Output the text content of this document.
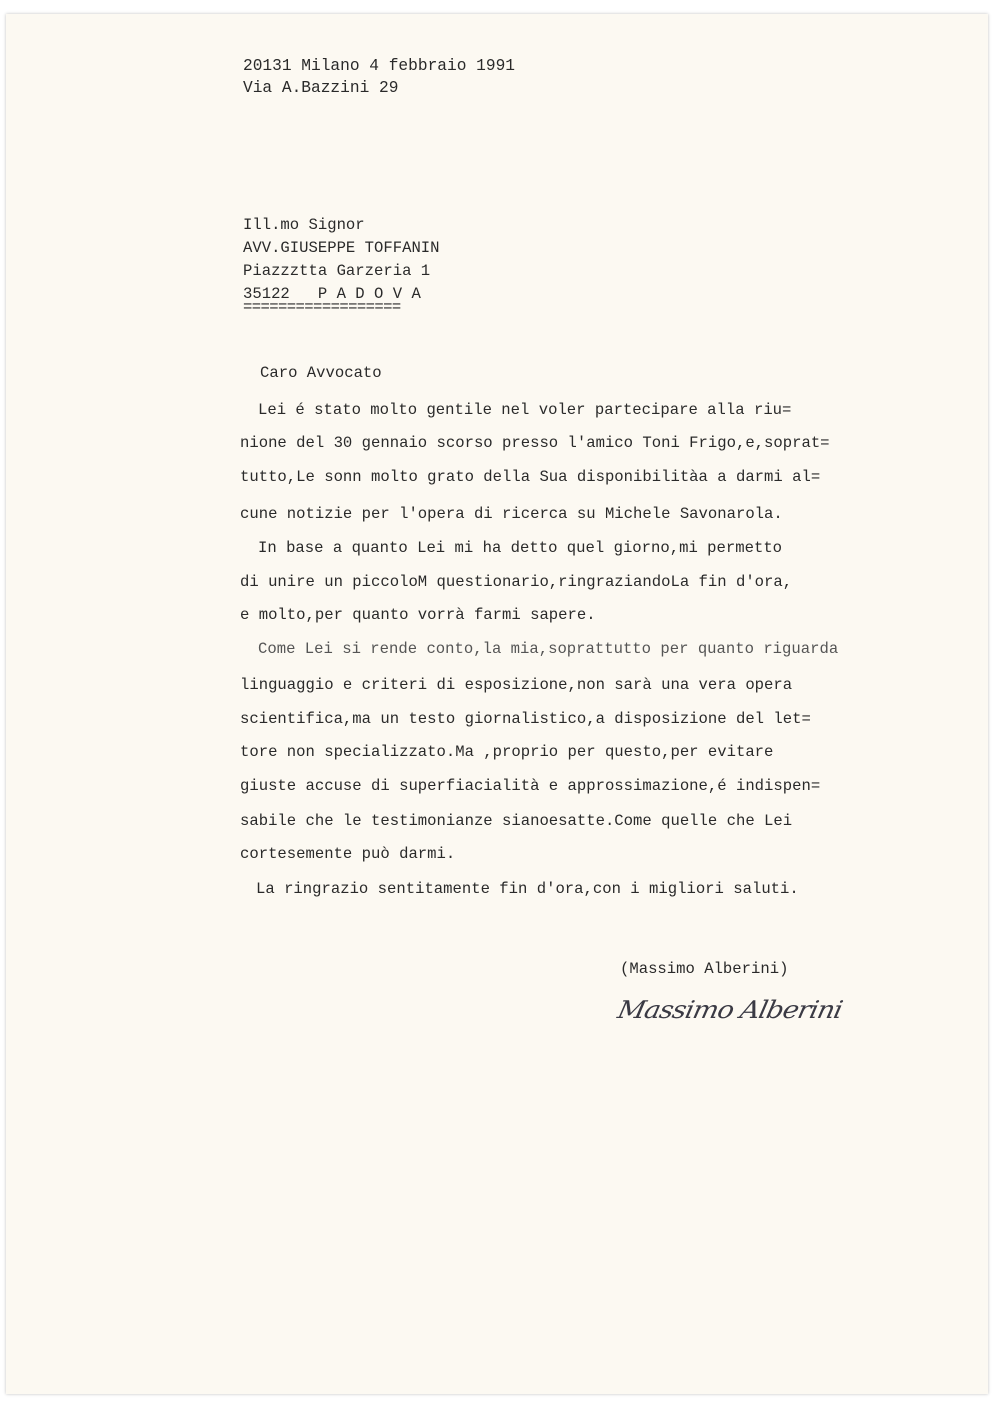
20131 Milano 4 febbraio 1991
Via A.Bazzini 29
Ill.mo Signor
AVV.GIUSEPPE TOFFANIN
Piazzztta Garzeria 1
35122   P A D O V A
==================
Caro Avvocato
Lei é stato molto gentile nel voler partecipare alla riu=
nione del 30 gennaio scorso presso l'amico Toni Frigo,e,soprat=
tutto,Le sonn molto grato della Sua disponibilitàa a darmi al=
cune notizie per l'opera di ricerca su Michele Savonarola.
In base a quanto Lei mi ha detto quel giorno,mi permetto
di unire un piccoloM questionario,ringraziandoLa fin d'ora,
e molto,per quanto vorrà farmi sapere.
Come Lei si rende conto,la mia,soprattutto per quanto riguarda
linguaggio e criteri di esposizione,non sarà una vera opera
scientifica,ma un testo giornalistico,a disposizione del let=
tore non specializzato.Ma ,proprio per questo,per evitare
giuste accuse di superfiacialità e approssimazione,é indispen=
sabile che le testimonianze sianoesatte.Come quelle che Lei
cortesemente può darmi.
La ringrazio sentitamente fin d'ora,con i migliori saluti.
(Massimo Alberini)
Massimo Alberini
